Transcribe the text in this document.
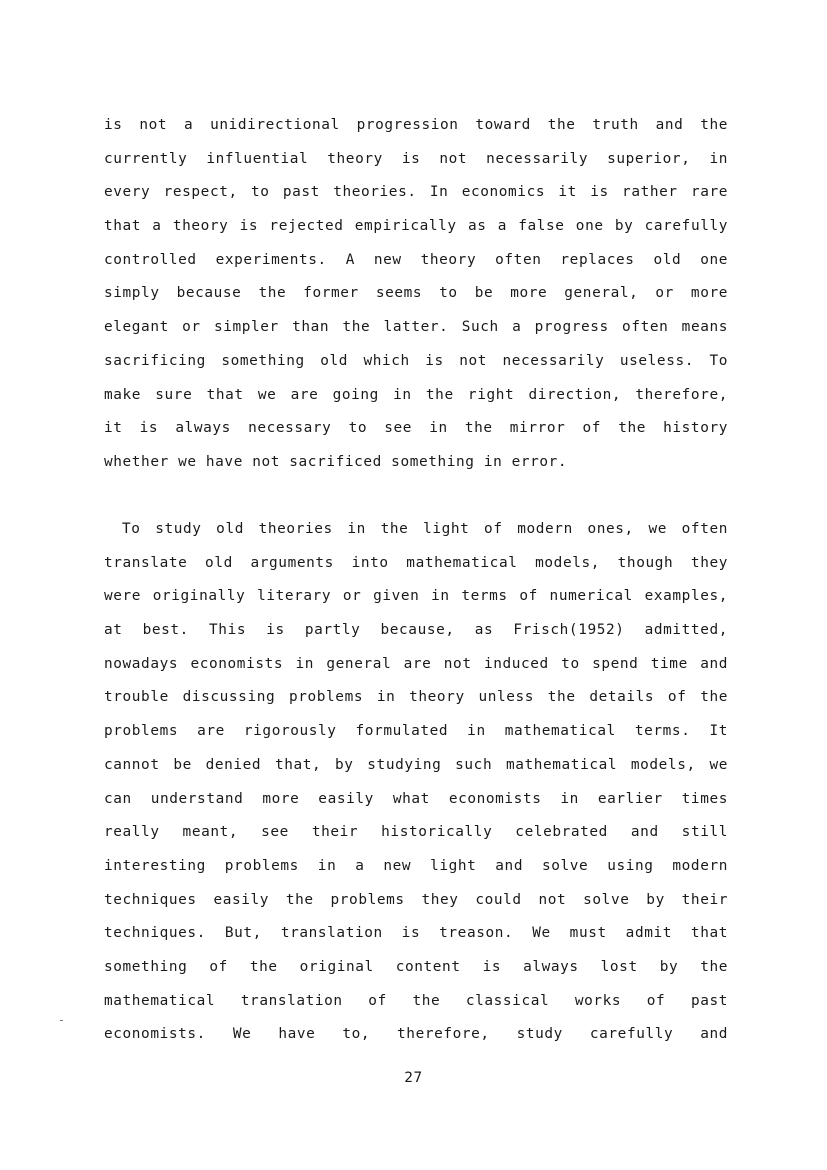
is not a unidirectional progression toward the truth and the
currently influential theory is not necessarily superior, in
every respect, to past theories. In economics it is rather rare
that a theory is rejected empirically as a false one by carefully
controlled experiments. A new theory often replaces old one
simply because the former seems to be more general, or more
elegant or simpler than the latter. Such a progress often means
sacrificing something old which is not necessarily useless. To
make sure that we are going in the right direction, therefore,
it is always necessary to see in the mirror of the history
whether we have not sacrificed something in error.
To study old theories in the light of modern ones, we often
translate old arguments into mathematical models, though they
were originally literary or given in terms of numerical examples,
at best. This is partly because, as Frisch(1952) admitted,
nowadays economists in general are not induced to spend time and
trouble discussing problems in theory unless the details of the
problems are rigorously formulated in mathematical terms. It
cannot be denied that, by studying such mathematical models, we
can understand more easily what economists in earlier times
really meant, see their historically celebrated and still
interesting problems in a new light and solve using modern
techniques easily the problems they could not solve by their
techniques. But, translation is treason. We must admit that
something of the original content is always lost by the
mathematical translation of the classical works of past
economists. We have to, therefore, study carefully and
27
